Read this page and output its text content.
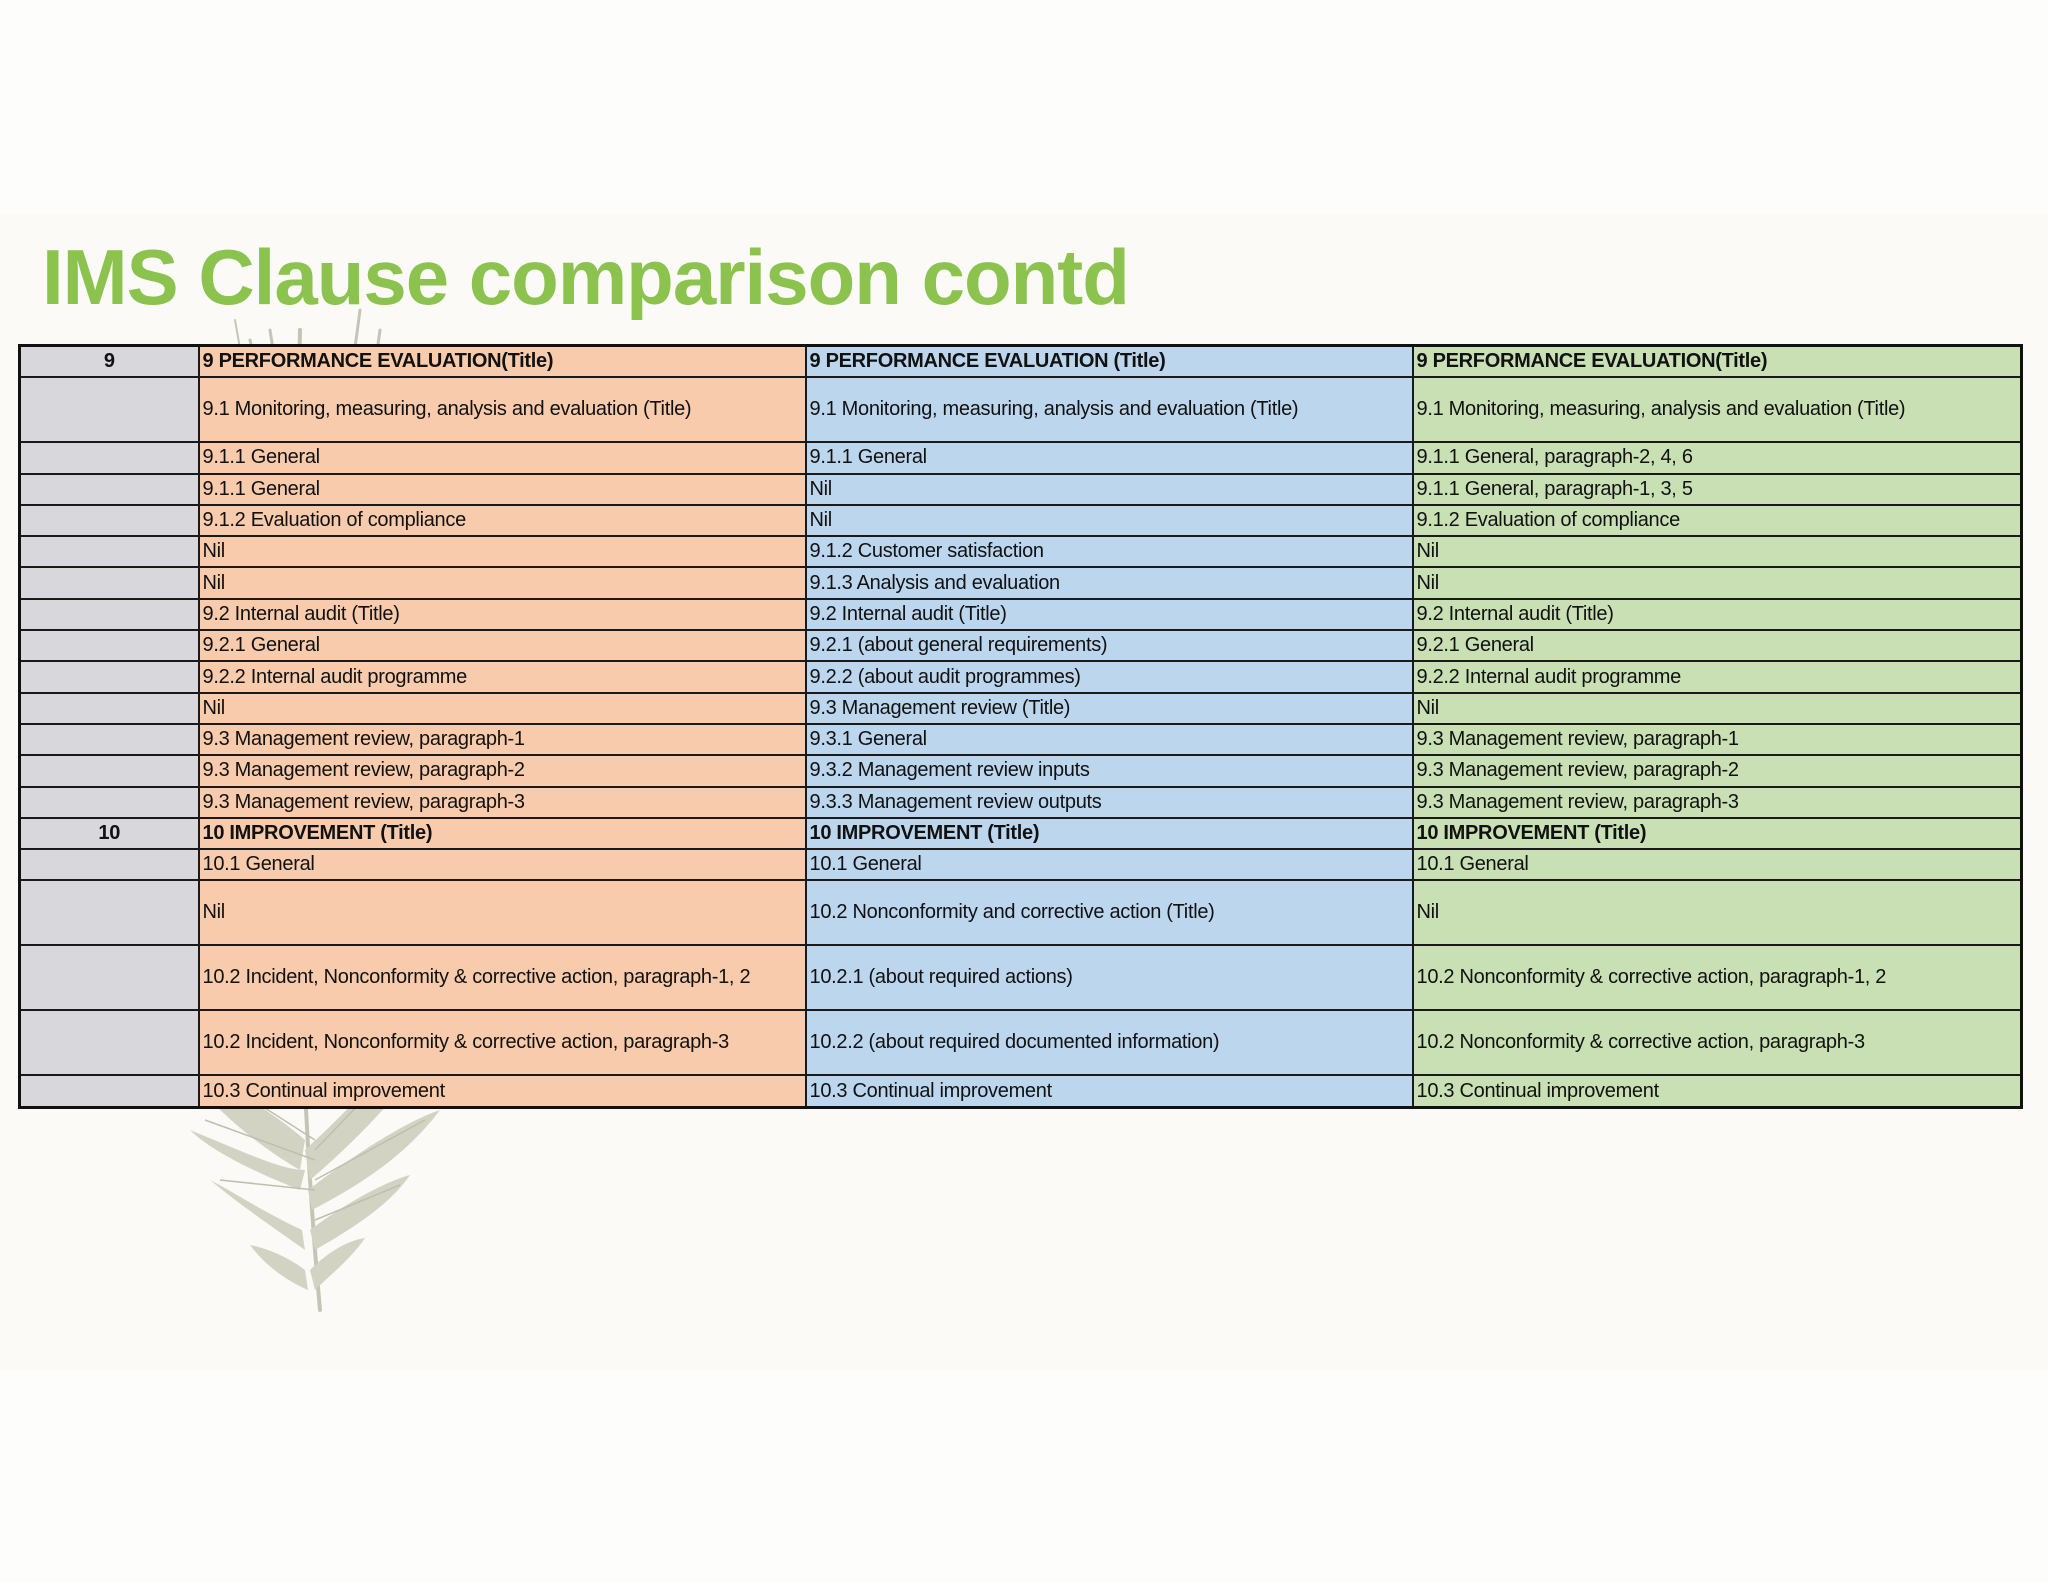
IMS Clause comparison contd
9	9 PERFORMANCE EVALUATION(Title)	9 PERFORMANCE EVALUATION (Title)	9 PERFORMANCE EVALUATION(Title)
	9.1 Monitoring, measuring, analysis and evaluation (Title)	9.1 Monitoring, measuring, analysis and evaluation (Title)	9.1 Monitoring, measuring, analysis and evaluation (Title)
	9.1.1 General	9.1.1 General	9.1.1 General, paragraph-2, 4, 6
	9.1.1 General	Nil	9.1.1 General, paragraph-1, 3, 5
	9.1.2 Evaluation of compliance	Nil	9.1.2 Evaluation of compliance
	Nil	9.1.2 Customer satisfaction	Nil
	Nil	9.1.3 Analysis and evaluation	Nil
	9.2 Internal audit (Title)	9.2 Internal audit (Title)	9.2 Internal audit (Title)
	9.2.1 General	9.2.1 (about general requirements)	9.2.1 General
	9.2.2 Internal audit programme	9.2.2 (about audit programmes)	9.2.2 Internal audit programme
	Nil	9.3 Management review (Title)	Nil
	9.3 Management review, paragraph-1	9.3.1 General	9.3 Management review, paragraph-1
	9.3 Management review, paragraph-2	9.3.2 Management review inputs	9.3 Management review, paragraph-2
	9.3 Management review, paragraph-3	9.3.3 Management review outputs	9.3 Management review, paragraph-3
10	10 IMPROVEMENT (Title)	10 IMPROVEMENT (Title)	10 IMPROVEMENT (Title)
	10.1 General	10.1 General	10.1 General
	Nil	10.2 Nonconformity and corrective action (Title)	Nil
	10.2 Incident, Nonconformity & corrective action, paragraph-1, 2	10.2.1 (about required actions)	10.2 Nonconformity & corrective action, paragraph-1, 2
	10.2 Incident, Nonconformity & corrective action, paragraph-3	10.2.2 (about required documented information)	10.2 Nonconformity & corrective action, paragraph-3
	10.3 Continual improvement	10.3 Continual improvement	10.3 Continual improvement
